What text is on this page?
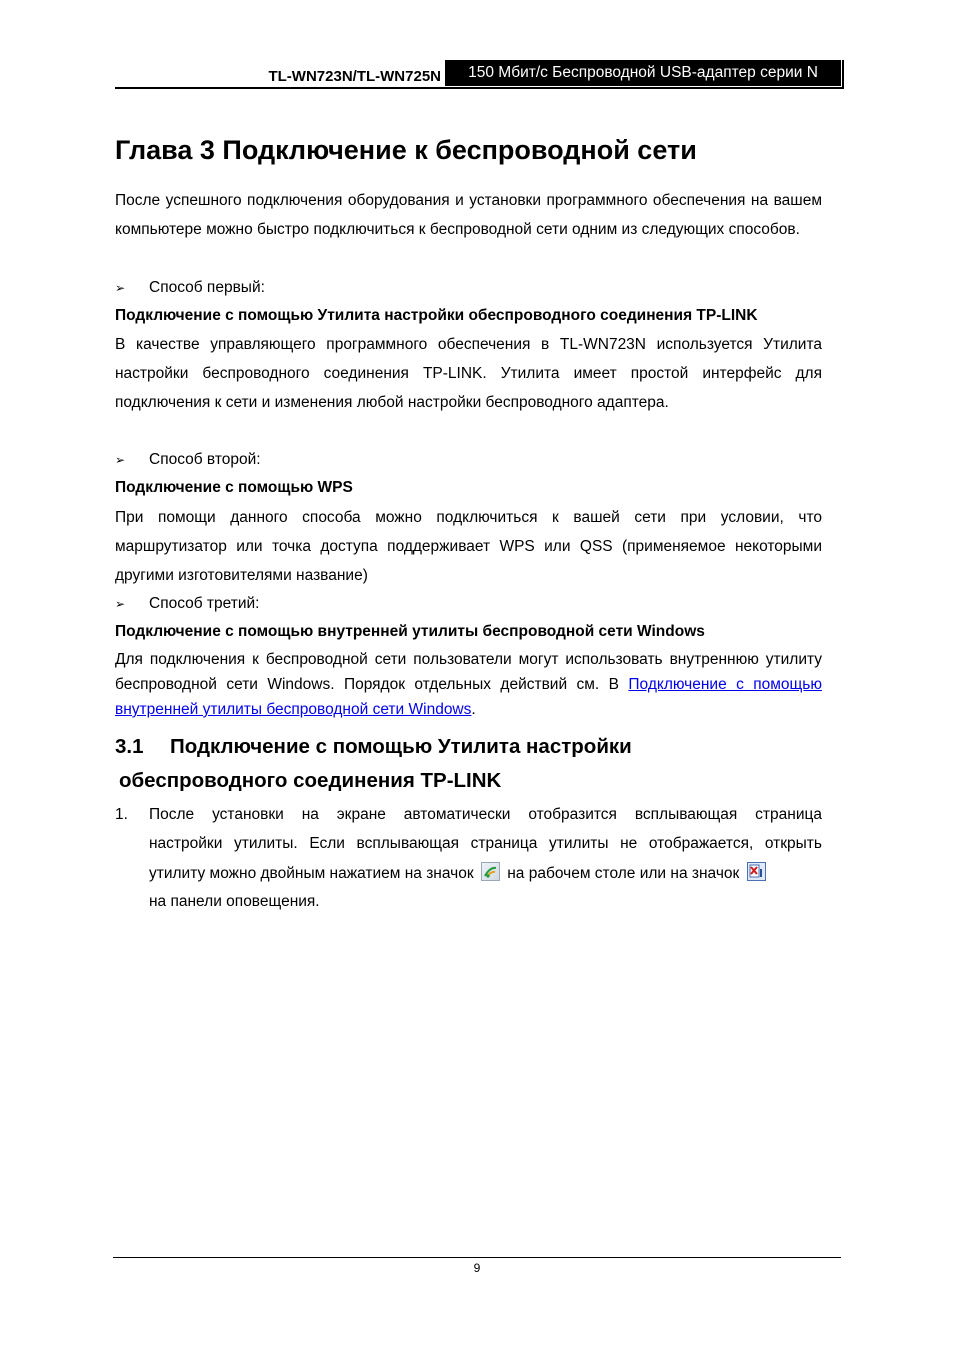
TL-WN723N/TL-WN725N	150 Мбит/с Беспроводной USB-адаптер серии N
Глава 3 Подключение к беспроводной сети

После успешного подключения оборудования и установки программного обеспечения на вашем компьютере можно быстро подключиться к беспроводной сети одним из следующих способов.

➢ Способ первый:
Подключение с помощью Утилита настройки обеспроводного соединения TP-LINK

В качестве управляющего программного обеспечения в TL-WN723N используется Утилита настройки беспроводного соединения TP-LINK. Утилита имеет простой интерфейс для подключения к сети и изменения любой настройки беспроводного адаптера.

➢ Способ второй:
Подключение с помощью WPS

При помощи данного способа можно подключиться к вашей сети при условии, что маршрутизатор или точка доступа поддерживает WPS или QSS (применяемое некоторыми другими изготовителями название)

➢ Способ третий:
Подключение с помощью внутренней утилиты беспроводной сети Windows

Для подключения к беспроводной сети пользователи могут использовать внутреннюю утилиту беспроводной сети Windows. Порядок отдельных действий см. В Подключение с помощью внутренней утилиты беспроводной сети Windows.

3.1 Подключение с помощью Утилита настройки
обеспроводного соединения TP-LINK
1. После установки на экране автоматически отобразится всплывающая страница
настройки утилиты. Если всплывающая страница утилиты не отображается, открыть
утилиту можно двойным нажатием на значок на рабочем столе или на значок
на панели оповещения.
9
